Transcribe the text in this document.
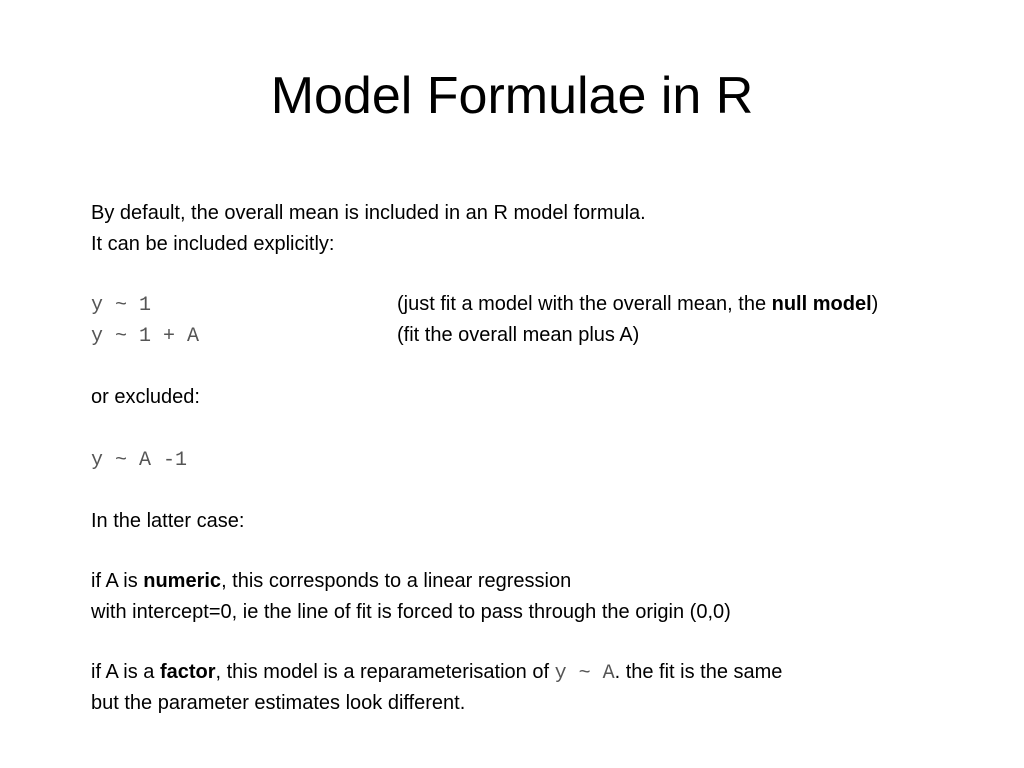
Model Formulae in R
By default, the overall mean is included in an R model formula.
It can be included explicitly:
y ~ 1	(just fit a model with the overall mean, the null model)
y ~ 1 + A	(fit the overall mean plus A)
or excluded:
y ~ A -1
In the latter case:
if A is numeric, this corresponds to a linear regression
with intercept=0, ie the line of fit is forced to pass through the origin (0,0)
if A is a factor, this model is a reparameterisation of y ~ A. the fit is the same
but the parameter estimates look different.
